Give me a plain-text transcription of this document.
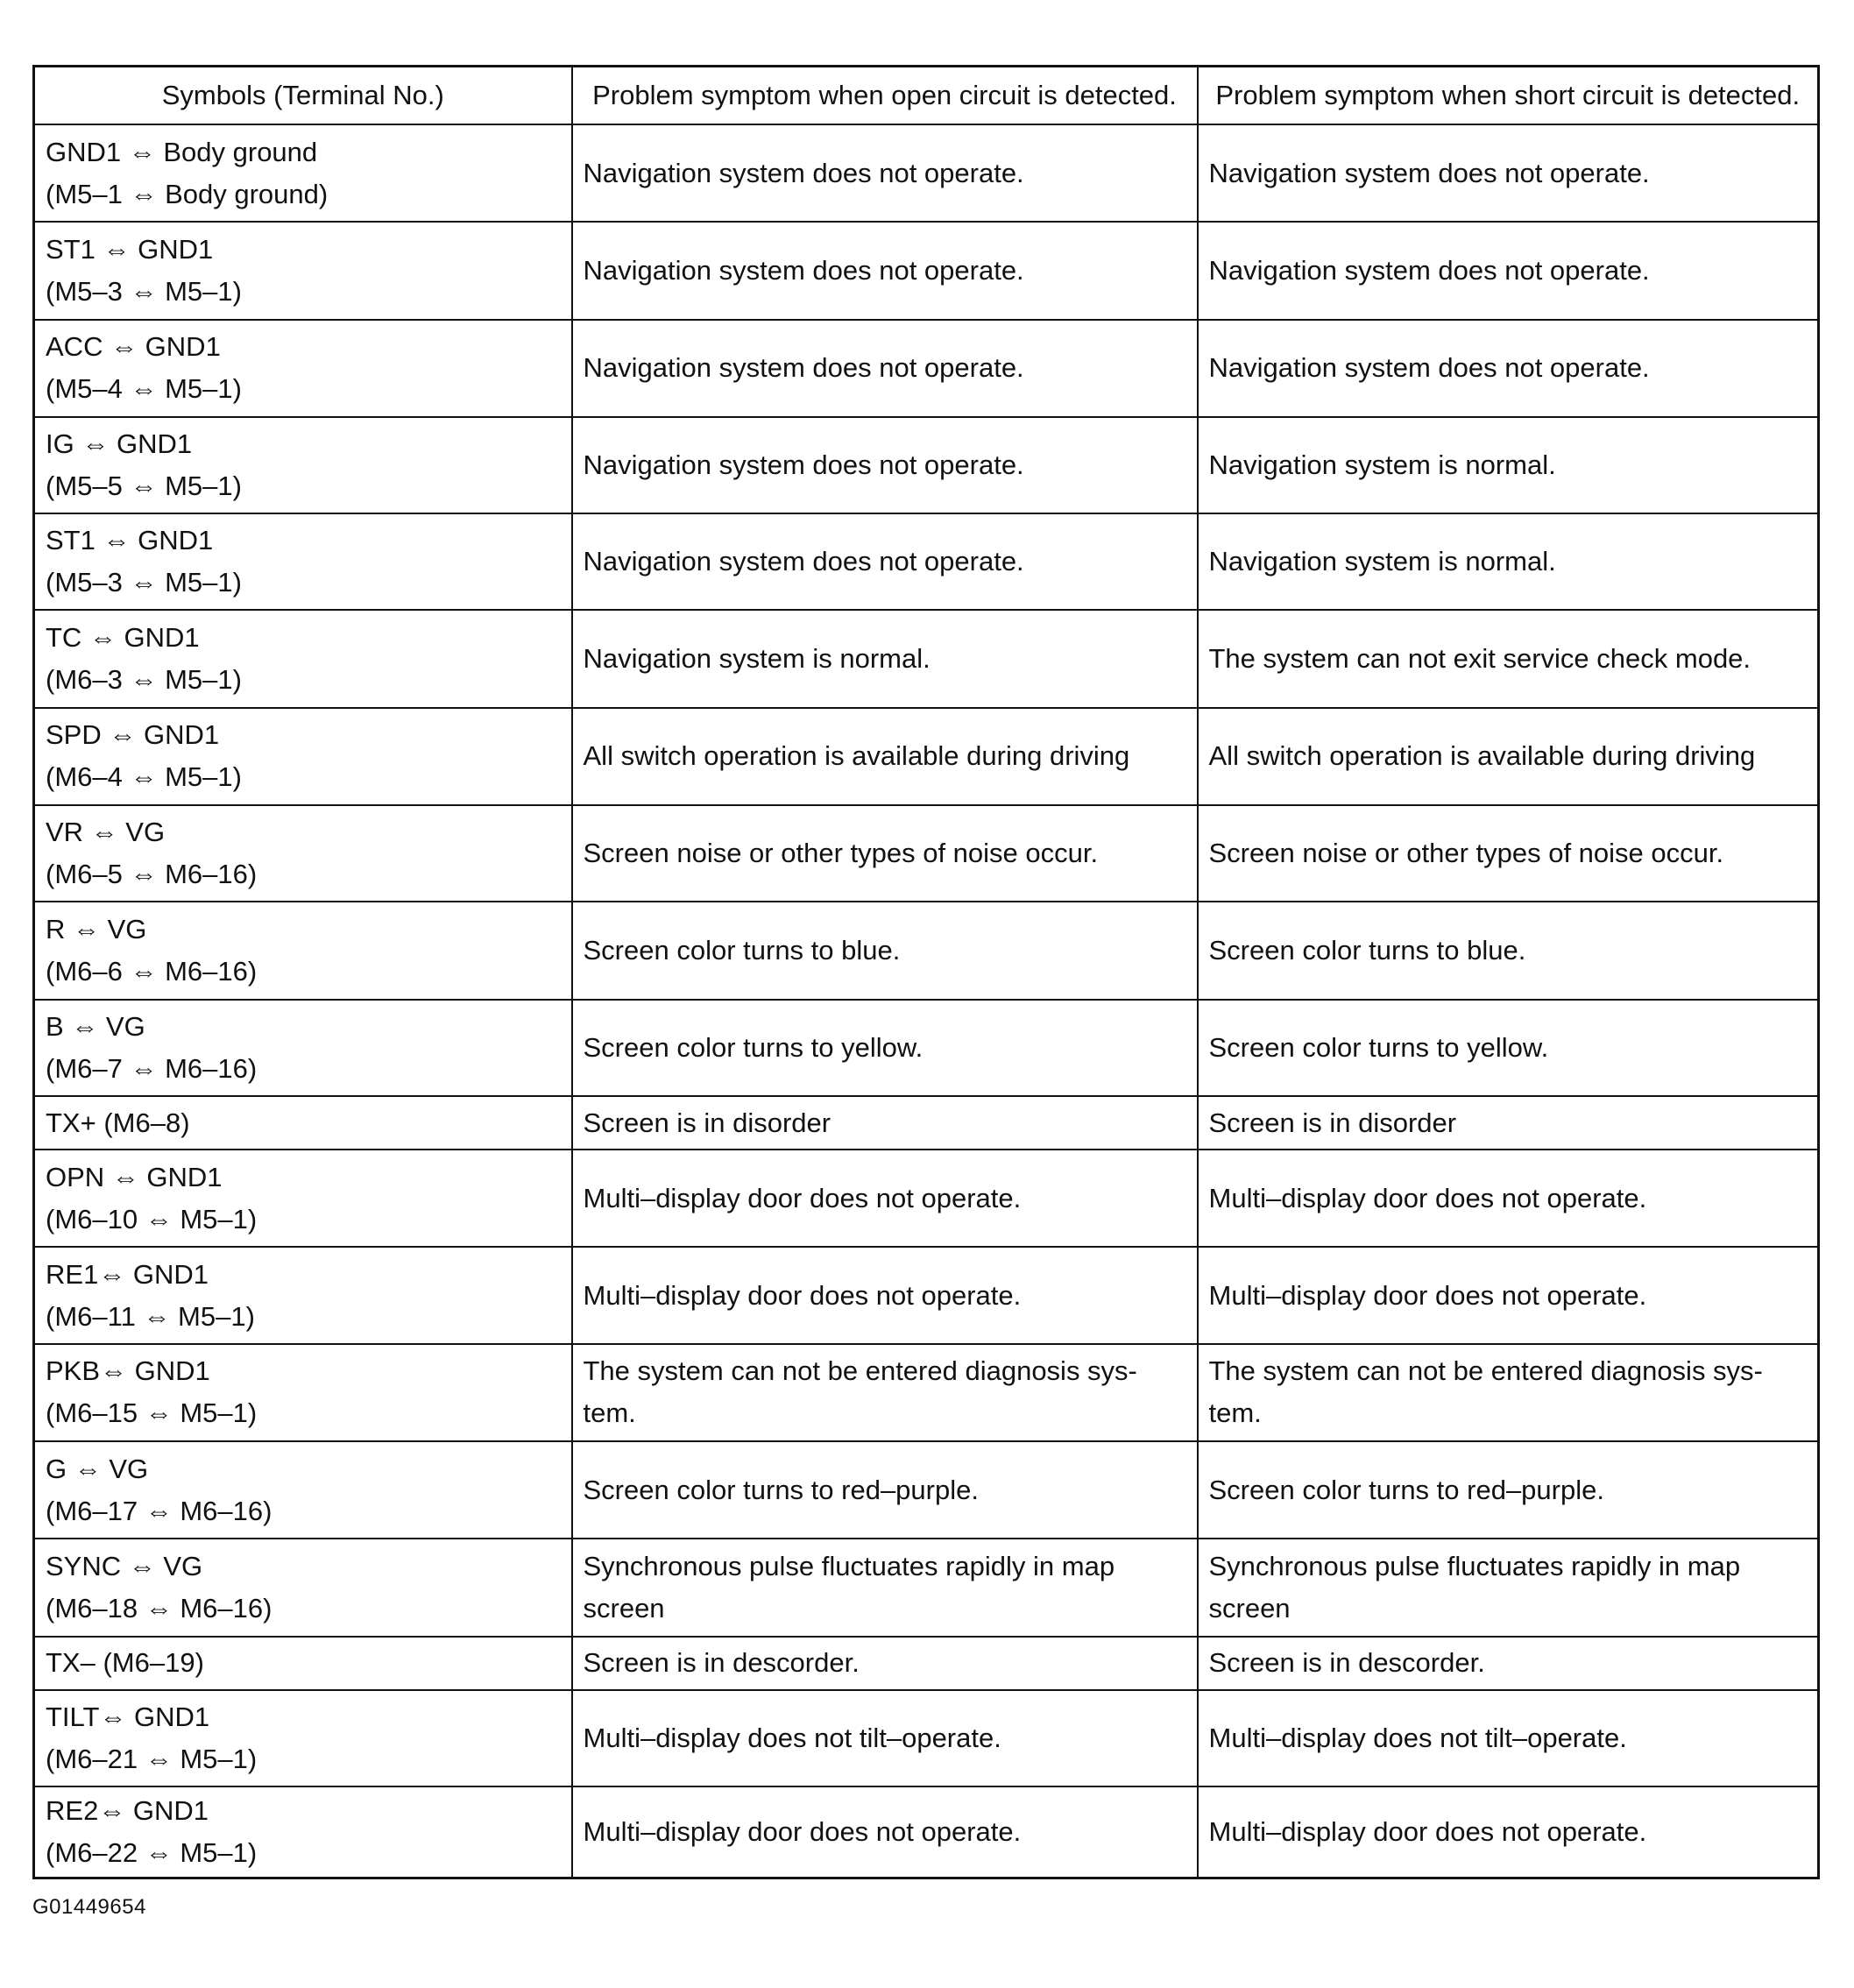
Symbols (Terminal No.)	Problem symptom when open circuit is detected.	Problem symptom when short circuit is detected.

GND1 ⇔ Body ground
(M5–1 ⇔ Body ground)	Navigation system does not operate.	Navigation system does not operate.

ST1 ⇔ GND1
(M5–3 ⇔ M5–1)	Navigation system does not operate.	Navigation system does not operate.

ACC ⇔ GND1
(M5–4 ⇔ M5–1)	Navigation system does not operate.	Navigation system does not operate.

IG ⇔ GND1
(M5–5 ⇔ M5–1)	Navigation system does not operate.	Navigation system is normal.

ST1 ⇔ GND1
(M5–3 ⇔ M5–1)	Navigation system does not operate.	Navigation system is normal.

TC ⇔ GND1
(M6–3 ⇔ M5–1)	Navigation system is normal.	The system can not exit service check mode.

SPD ⇔ GND1
(M6–4 ⇔ M5–1)	All switch operation is available during driving	All switch operation is available during driving

VR ⇔ VG
(M6–5 ⇔ M6–16)	Screen noise or other types of noise occur.	Screen noise or other types of noise occur.

R ⇔ VG
(M6–6 ⇔ M6–16)	Screen color turns to blue.	Screen color turns to blue.

B ⇔ VG
(M6–7 ⇔ M6–16)	Screen color turns to yellow.	Screen color turns to yellow.

TX+ (M6–8)	Screen is in disorder	Screen is in disorder

OPN ⇔ GND1
(M6–10 ⇔ M5–1)	Multi–display door does not operate.	Multi–display door does not operate.

RE1⇔ GND1
(M6–11 ⇔ M5–1)	Multi–display door does not operate.	Multi–display door does not operate.

PKB⇔ GND1
(M6–15 ⇔ M5–1)	The system can not be entered diagnosis sys- tem.	The system can not be entered diagnosis sys- tem.

G ⇔ VG
(M6–17 ⇔ M6–16)	Screen color turns to red–purple.	Screen color turns to red–purple.

SYNC ⇔ VG
(M6–18 ⇔ M6–16)	Synchronous pulse fluctuates rapidly in map screen	Synchronous pulse fluctuates rapidly in map screen

TX– (M6–19)	Screen is in descorder.	Screen is in descorder.

TILT⇔ GND1
(M6–21 ⇔ M5–1)	Multi–display does not tilt–operate.	Multi–display does not tilt–operate.

RE2⇔ GND1
(M6–22 ⇔ M5–1)	Multi–display door does not operate.	Multi–display door does not operate.
G01449654
